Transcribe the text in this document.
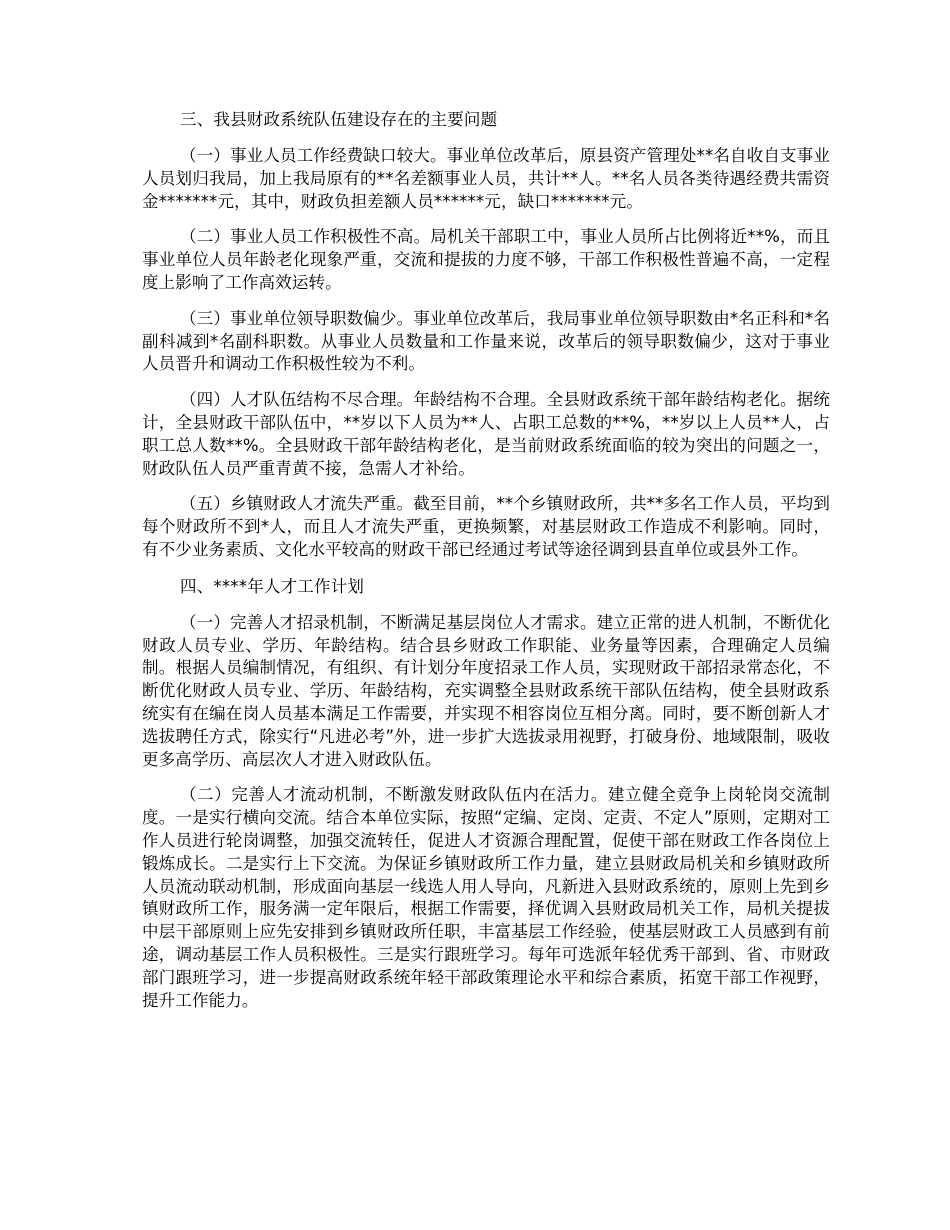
三、我县财政系统队伍建设存在的主要问题

（一）事业人员工作经费缺口较大。事业单位改革后，原县资产管理处**名自收自支事业人员划归我局，加上我局原有的**名差额事业人员，共计**人。**名人员各类待遇经费共需资金*******元，其中，财政负担差额人员******元，缺口*******元。

（二）事业人员工作积极性不高。局机关干部职工中，事业人员所占比例将近**%，而且事业单位人员年龄老化现象严重，交流和提拔的力度不够，干部工作积极性普遍不高，一定程度上影响了工作高效运转。

（三）事业单位领导职数偏少。事业单位改革后，我局事业单位领导职数由*名正科和*名副科减到*名副科职数。从事业人员数量和工作量来说，改革后的领导职数偏少，这对于事业人员晋升和调动工作积极性较为不利。

（四）人才队伍结构不尽合理。年龄结构不合理。全县财政系统干部年龄结构老化。据统计，全县财政干部队伍中，**岁以下人员为**人、占职工总数的**%，**岁以上人员**人，占职工总人数**%。全县财政干部年龄结构老化，是当前财政系统面临的较为突出的问题之一，财政队伍人员严重青黄不接，急需人才补给。

（五）乡镇财政人才流失严重。截至目前，**个乡镇财政所，共**多名工作人员，平均到每个财政所不到*人，而且人才流失严重，更换频繁，对基层财政工作造成不利影响。同时，有不少业务素质、文化水平较高的财政干部已经通过考试等途径调到县直单位或县外工作。

四、****年人才工作计划

（一）完善人才招录机制，不断满足基层岗位人才需求。建立正常的进人机制，不断优化财政人员专业、学历、年龄结构。结合县乡财政工作职能、业务量等因素，合理确定人员编制。根据人员编制情况，有组织、有计划分年度招录工作人员，实现财政干部招录常态化，不断优化财政人员专业、学历、年龄结构，充实调整全县财政系统干部队伍结构，使全县财政系统实有在编在岗人员基本满足工作需要，并实现不相容岗位互相分离。同时，要不断创新人才选拔聘任方式，除实行“凡进必考”外，进一步扩大选拔录用视野，打破身份、地域限制，吸收更多高学历、高层次人才进入财政队伍。

（二）完善人才流动机制，不断激发财政队伍内在活力。建立健全竞争上岗轮岗交流制度。一是实行横向交流。结合本单位实际，按照“定编、定岗、定责、不定人”原则，定期对工作人员进行轮岗调整，加强交流转任，促进人才资源合理配置，促使干部在财政工作各岗位上锻炼成长。二是实行上下交流。为保证乡镇财政所工作力量，建立县财政局机关和乡镇财政所人员流动联动机制，形成面向基层一线选人用人导向，凡新进入县财政系统的，原则上先到乡镇财政所工作，服务满一定年限后，根据工作需要，择优调入县财政局机关工作，局机关提拔中层干部原则上应先安排到乡镇财政所任职，丰富基层工作经验，使基层财政工人员感到有前途，调动基层工作人员积极性。三是实行跟班学习。每年可选派年轻优秀干部到、省、市财政部门跟班学习，进一步提高财政系统年轻干部政策理论水平和综合素质，拓宽干部工作视野，提升工作能力。
